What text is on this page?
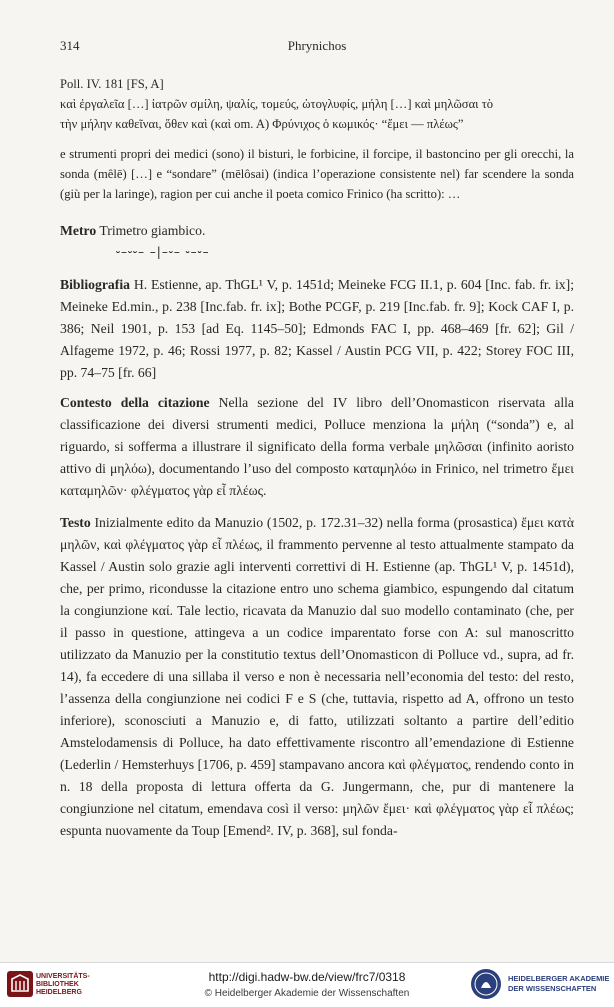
314	Phrynichos
Poll. IV. 181 [FS, A]
καὶ ἐργαλεῖα […] ἰατρῶν σμίλη, ψαλίς, τομεύς, ὠτογλυφίς, μήλη […] καὶ μηλῶσαι τὸ
τὴν μήλην καθεῖναι, ὅθεν καὶ (καὶ om. A) Φρύνιχος ὁ κωμικός· “ἔμει — πλέως”
e strumenti propri dei medici (sono) il bisturi, le forbicine, il forcipe, il bastoncino per gli orecchi, la sonda (mêlē) […] e “sondare” (mēlôsai) (indica l’operazione consistente nel) far scendere la sonda (giù per la laringe), ragion per cui anche il poeta comico Frinico (ha scritto): …
Metro Trimetro giambico.
⏑–⏑⏑– –|–⏑– ⏑–⏑–
Bibliografia H. Estienne, ap. ThGL¹ V, p. 1451d; Meineke FCG II.1, p. 604 [Inc. fab. fr. ix]; Meineke Ed.min., p. 238 [Inc.fab. fr. ix]; Bothe PCGF, p. 219 [Inc.fab. fr. 9]; Kock CAF I, p. 386; Neil 1901, p. 153 [ad Eq. 1145–50]; Edmonds FAC I, pp. 468–469 [fr. 62]; Gil / Alfageme 1972, p. 46; Rossi 1977, p. 82; Kassel / Austin PCG VII, p. 422; Storey FOC III, pp. 74–75 [fr. 66]
Contesto della citazione Nella sezione del IV libro dell’Onomasticon riservata alla classificazione dei diversi strumenti medici, Polluce menziona la μήλη (“sonda”) e, al riguardo, si sofferma a illustrare il significato della forma verbale μηλῶσαι (infinito aoristo attivo di μηλόω), documentando l’uso del composto καταμηλόω in Frinico, nel trimetro ἔμει καταμηλῶν· φλέγματος γὰρ εἶ πλέως.
Testo Inizialmente edito da Manuzio (1502, p. 172.31–32) nella forma (prosastica) ἔμει κατὰ μηλῶν, καὶ φλέγματος γὰρ εἶ πλέως, il frammento pervenne al testo attualmente stampato da Kassel / Austin solo grazie agli interventi correttivi di H. Estienne (ap. ThGL¹ V, p. 1451d), che, per primo, ricondusse la citazione entro uno schema giambico, espungendo dal citatum la congiunzione καί. Tale lectio, ricavata da Manuzio dal suo modello contaminato (che, per il passo in questione, attingeva a un codice imparentato forse con A: sul manoscritto utilizzato da Manuzio per la constitutio textus dell’Onomasticon di Polluce vd., supra, ad fr. 14), fa eccedere di una sillaba il verso e non è necessaria nell’economia del testo: del resto, l’assenza della congiunzione nei codici F e S (che, tuttavia, rispetto ad A, offrono un testo inferiore), sconosciuti a Manuzio e, di fatto, utilizzati soltanto a partire dell’editio Amstelodamensis di Polluce, ha dato effettivamente riscontro all’emendazione di Estienne (Lederlin / Hemsterhuys [1706, p. 459] stampavano ancora καὶ φλέγματος, rendendo conto in n. 18 della proposta di lettura offerta da G. Jungermann, che, pur di mantenere la congiunzione nel citatum, emendava così il verso: μηλῶν ἔμει· καὶ φλέγματος γὰρ εἶ πλέως; espunta nuovamente da Toup [Emend². IV, p. 368], sul fonda-
UNIVERSITÄTS-
BIBLIOTHEK
HEIDELBERG
http://digi.hadw-bw.de/view/frc7/0318
© Heidelberger Akademie der Wissenschaften
HEIDELBERGER AKADEMIE
DER WISSENSCHAFTEN
